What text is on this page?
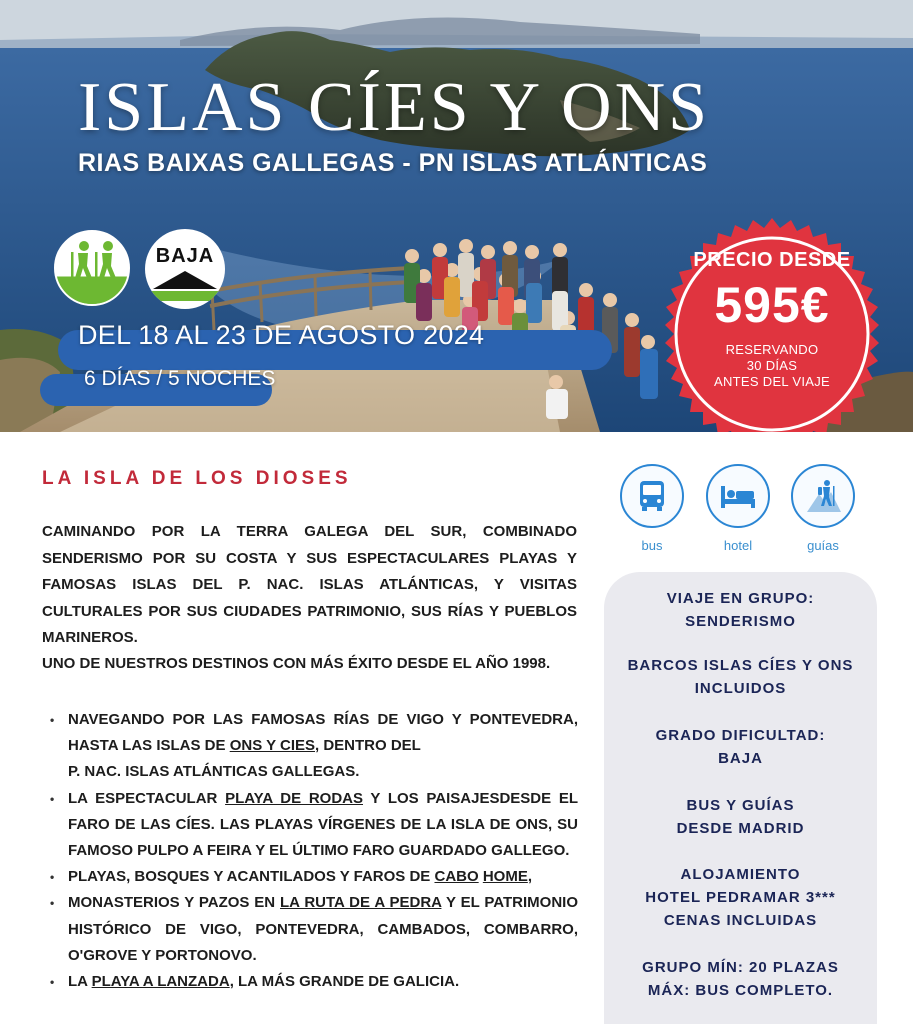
ISLAS CÍES Y ONS
RIAS BAIXAS GALLEGAS - PN ISLAS ATLÁNTICAS
BAJA
DEL 18 AL 23 DE AGOSTO 2024
6 DÍAS / 5 NOCHES
PRECIO DESDE
595€
RESERVANDO
30 DÍAS
ANTES DEL VIAJE
LA ISLA DE LOS DIOSES
CAMINANDO POR LA TERRA GALEGA DEL SUR, COMBINADO SENDERISMO POR SU COSTA Y SUS ESPECTACULARES PLAYAS Y FAMOSAS ISLAS DEL P. NAC. ISLAS ATLÁNTICAS, Y VISITAS CULTURALES POR SUS CIUDADES PATRIMONIO, SUS RÍAS Y PUEBLOS MARINEROS.
UNO DE NUESTROS DESTINOS CON MÁS ÉXITO DESDE EL AÑO 1998.
• NAVEGANDO POR LAS FAMOSAS RÍAS DE VIGO Y PONTEVEDRA, HASTA LAS ISLAS DE ONS Y CIES, DENTRO DEL
P. NAC. ISLAS ATLÁNTICAS GALLEGAS.
• LA ESPECTACULAR PLAYA DE RODAS Y LOS PAISAJESDESDE EL FARO DE LAS CÍES. LAS PLAYAS VÍRGENES DE LA ISLA DE ONS, SU FAMOSO PULPO A FEIRA Y EL ÚLTIMO FARO GUARDADO GALLEGO.
• PLAYAS, BOSQUES Y ACANTILADOS Y FAROS DE CABO HOME,
• MONASTERIOS Y PAZOS EN LA RUTA DE A PEDRA Y EL PATRIMONIO HISTÓRICO DE VIGO, PONTEVEDRA, CAMBADOS, COMBARRO, O'GROVE Y PORTONOVO.
• LA PLAYA A LANZADA, LA MÁS GRANDE DE GALICIA.
bus	hotel	guías
VIAJE EN GRUPO:
SENDERISMO
BARCOS ISLAS CÍES Y ONS
INCLUIDOS
GRADO DIFICULTAD:
BAJA
BUS Y GUÍAS
DESDE MADRID
ALOJAMIENTO
HOTEL PEDRAMAR 3***
CENAS INCLUIDAS
GRUPO MÍN: 20 PLAZAS
MÁX: BUS COMPLETO.
